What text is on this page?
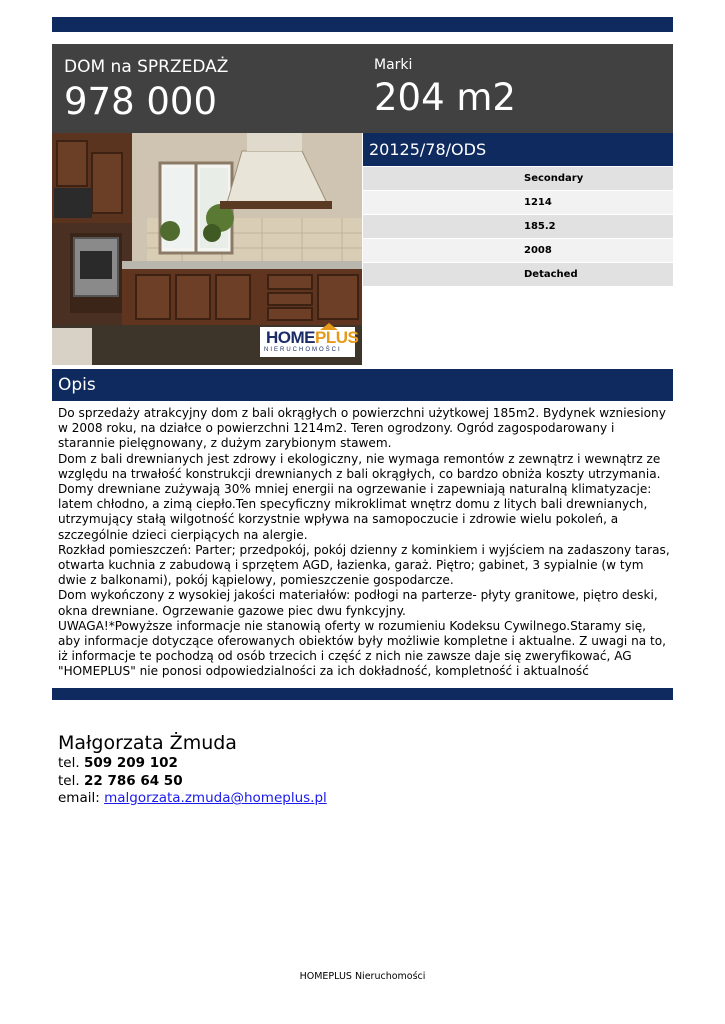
DOM na SPRZEDAŻ
978 000
Marki
204 m2
HOMEPLUS
NIERUCHOMOŚCI
20125/78/ODS
Secondary
1214
185.2
2008
Detached
Opis

Do sprzedaży atrakcyjny dom z bali okrągłych o powierzchni użytkowej 185m2. Bydynek wzniesiony w 2008 roku, na działce o powierzchni 1214m2. Teren ogrodzony. Ogród zagospodarowany i starannie pielęgnowany, z dużym zarybionym stawem.

Dom z bali drewnianych jest zdrowy i ekologiczny, nie wymaga remontów z zewnątrz i wewnątrz ze względu na trwałość konstrukcji drewnianych z bali okrągłych, co bardzo obniża koszty utrzymania. Domy drewniane zużywają 30% mniej energii na ogrzewanie i zapewniają naturalną klimatyzacje: latem chłodno, a zimą ciepło.Ten specyficzny mikroklimat wnętrz domu z litych bali drewnianych, utrzymujący stałą wilgotność korzystnie wpływa na samopoczucie i zdrowie wielu pokoleń, a szczególnie dzieci cierpiących na alergie.

Rozkład pomieszczeń: Parter; przedpokój, pokój dzienny z kominkiem i wyjściem na zadaszony taras, otwarta kuchnia z zabudową i sprzętem AGD, łazienka, garaż. Piętro; gabinet, 3 sypialnie (w tym dwie z balkonami), pokój kąpielowy, pomieszczenie gospodarcze.

Dom wykończony z wysokiej jakości materiałów: podłogi na parterze- płyty granitowe, piętro deski, okna drewniane. Ogrzewanie gazowe piec dwu fynkcyjny.

UWAGA!*Powyższe informacje nie stanowią oferty w rozumieniu Kodeksu Cywilnego.Staramy się, aby informacje dotyczące oferowanych obiektów były możliwie kompletne i aktualne. Z uwagi na to, iż informacje te pochodzą od osób trzecich i część z nich nie zawsze daje się zweryfikować, AG "HOMEPLUS" nie ponosi odpowiedzialności za ich dokładność, kompletność i aktualność

Małgorzata Żmuda
tel. 509 209 102
tel. 22 786 64 50
email: malgorzata.zmuda@homeplus.pl
HOMEPLUS Nieruchomości
